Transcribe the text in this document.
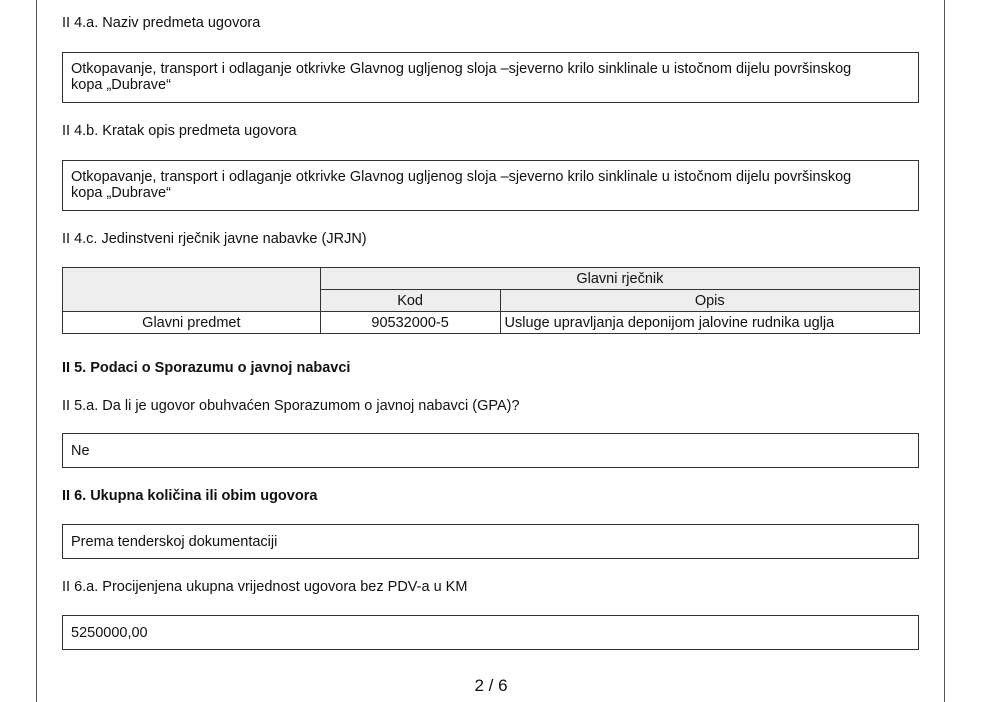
II 4.a. Naziv predmeta ugovora
Otkopavanje, transport i odlaganje otkrivke Glavnog ugljenog sloja –sjeverno krilo sinklinale u istočnom dijelu površinskog
kopa „Dubrave“
II 4.b. Kratak opis predmeta ugovora
Otkopavanje, transport i odlaganje otkrivke Glavnog ugljenog sloja –sjeverno krilo sinklinale u istočnom dijelu površinskog
kopa „Dubrave“
II 4.c. Jedinstveni rječnik javne nabavke (JRJN)
	Glavni rječnik	
	Kod	Opis
Glavni predmet	90532000-5	Usluge upravljanja deponijom jalovine rudnika uglja
II 5. Podaci o Sporazumu o javnoj nabavci
II 5.a. Da li je ugovor obuhvaćen Sporazumom o javnoj nabavci (GPA)?
Ne
II 6. Ukupna količina ili obim ugovora
Prema tenderskoj dokumentaciji
II 6.a. Procijenjena ukupna vrijednost ugovora bez PDV-a u KM
5250000,00
2 / 6
